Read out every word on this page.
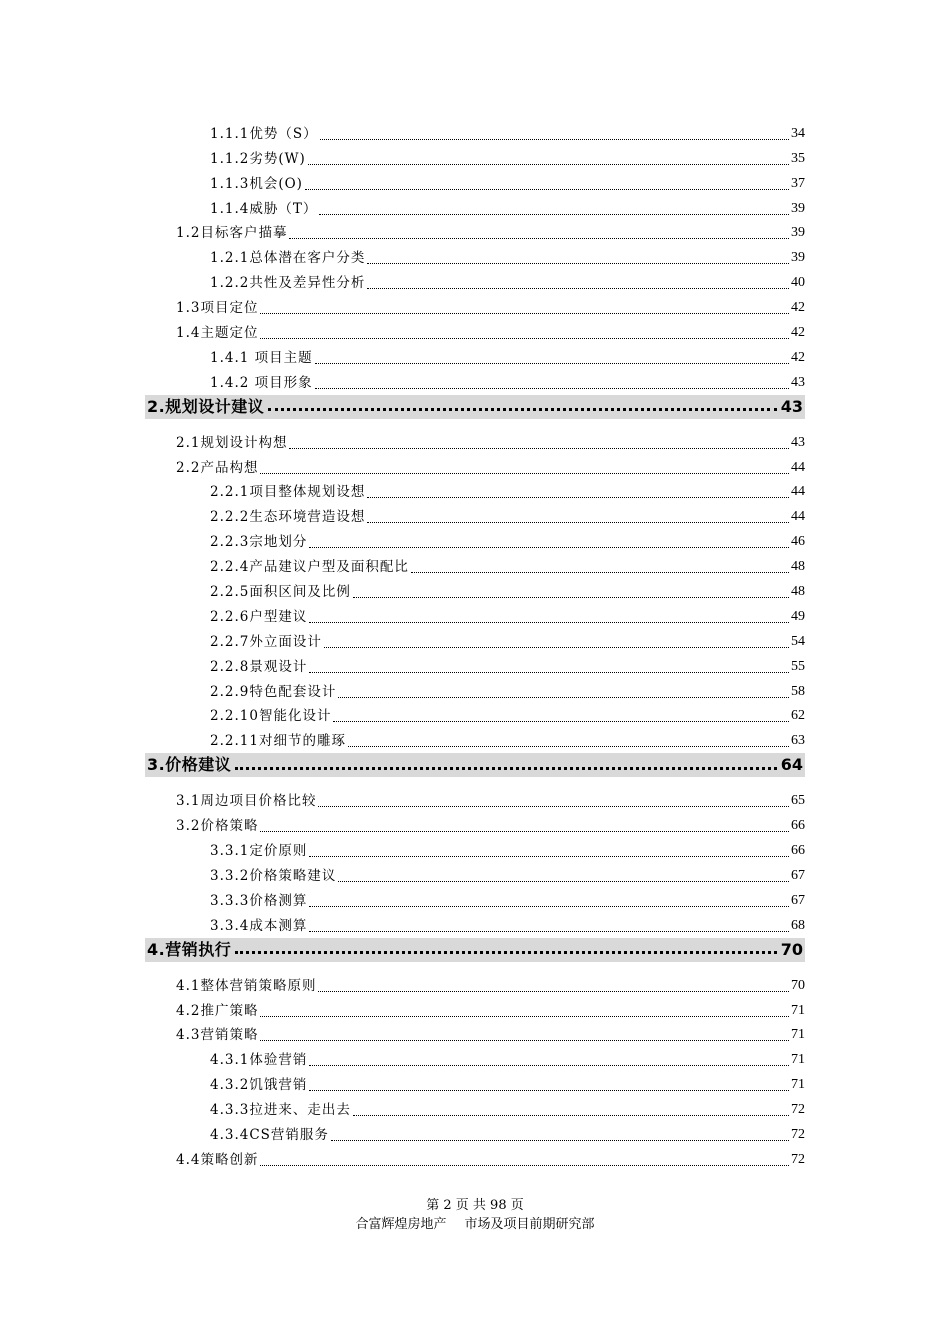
1.1.1优势（S）	34
1.1.2劣势(W)	35
1.1.3机会(O)	37
1.1.4威胁（T）	39
1.2目标客户描摹	39
1.2.1总体潜在客户分类	39
1.2.2共性及差异性分析	40
1.3项目定位	42
1.4主题定位	42
1.4.1 项目主题	42
1.4.2 项目形象	43
2.规划设计建议	43
2.1规划设计构想	43
2.2产品构想	44
2.2.1项目整体规划设想	44
2.2.2生态环境营造设想	44
2.2.3宗地划分	46
2.2.4产品建议户型及面积配比	48
2.2.5面积区间及比例	48
2.2.6户型建议	49
2.2.7外立面设计	54
2.2.8景观设计	55
2.2.9特色配套设计	58
2.2.10智能化设计	62
2.2.11对细节的雕琢	63
3.价格建议	64
3.1周边项目价格比较	65
3.2价格策略	66
3.3.1定价原则	66
3.3.2价格策略建议	67
3.3.3价格测算	67
3.3.4成本测算	68
4.营销执行	70
4.1整体营销策略原则	70
4.2推广策略	71
4.3营销策略	71
4.3.1体验营销	71
4.3.2饥饿营销	71
4.3.3拉进来、走出去	72
4.3.4CS营销服务	72
4.4策略创新	72
第 2 页 共 98 页
合富辉煌房地产 市场及项目前期研究部
